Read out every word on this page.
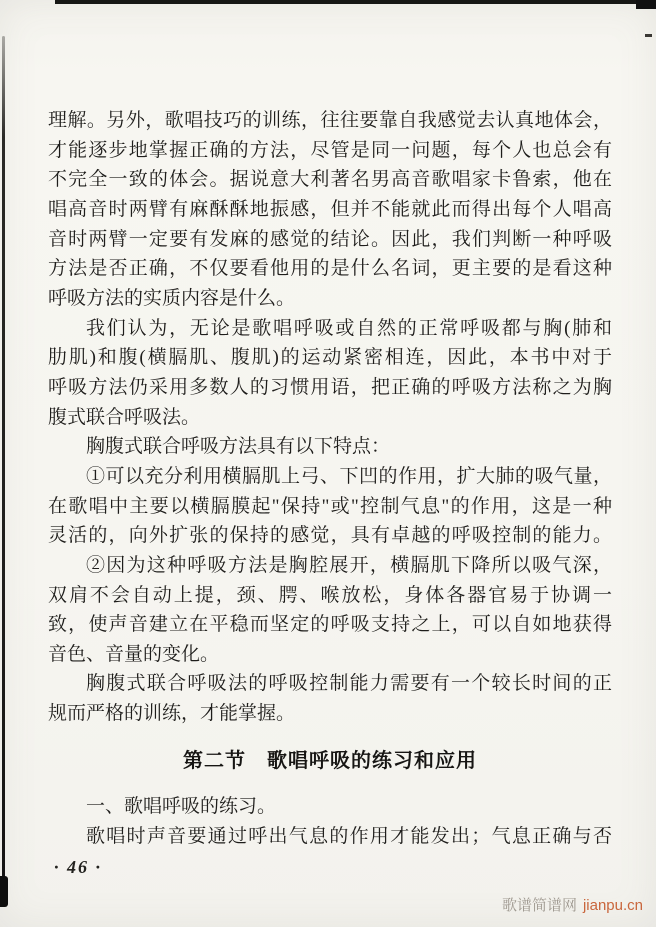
理解。另外，歌唱技巧的训练，往往要靠自我感觉去认真地体会，
才能逐步地掌握正确的方法，尽管是同一问题，每个人也总会有
不完全一致的体会。据说意大利著名男高音歌唱家卡鲁索，他在
唱高音时两臂有麻酥酥地振感，但并不能就此而得出每个人唱高
音时两臂一定要有发麻的感觉的结论。因此，我们判断一种呼吸
方法是否正确，不仅要看他用的是什么名词，更主要的是看这种
呼吸方法的实质内容是什么。
我们认为，无论是歌唱呼吸或自然的正常呼吸都与胸(肺和
肋肌)和腹(横膈肌、腹肌)的运动紧密相连，因此，本书中对于
呼吸方法仍采用多数人的习惯用语，把正确的呼吸方法称之为胸
腹式联合呼吸法。
胸腹式联合呼吸方法具有以下特点：
①可以充分利用横膈肌上弓、下凹的作用，扩大肺的吸气量，
在歌唱中主要以横膈膜起"保持"或"控制气息"的作用，这是一种
灵活的，向外扩张的保持的感觉，具有卓越的呼吸控制的能力。
②因为这种呼吸方法是胸腔展开，横膈肌下降所以吸气深，
双肩不会自动上提，颈、腭、喉放松，身体各器官易于协调一
致，使声音建立在平稳而坚定的呼吸支持之上，可以自如地获得
音色、音量的变化。
胸腹式联合呼吸法的呼吸控制能力需要有一个较长时间的正
规而严格的训练，才能掌握。
第二节　歌唱呼吸的练习和应用
一、歌唱呼吸的练习。
歌唱时声音要通过呼出气息的作用才能发出；气息正确与否
· 46 ·
歌谱简谱网 jianpu.cn
